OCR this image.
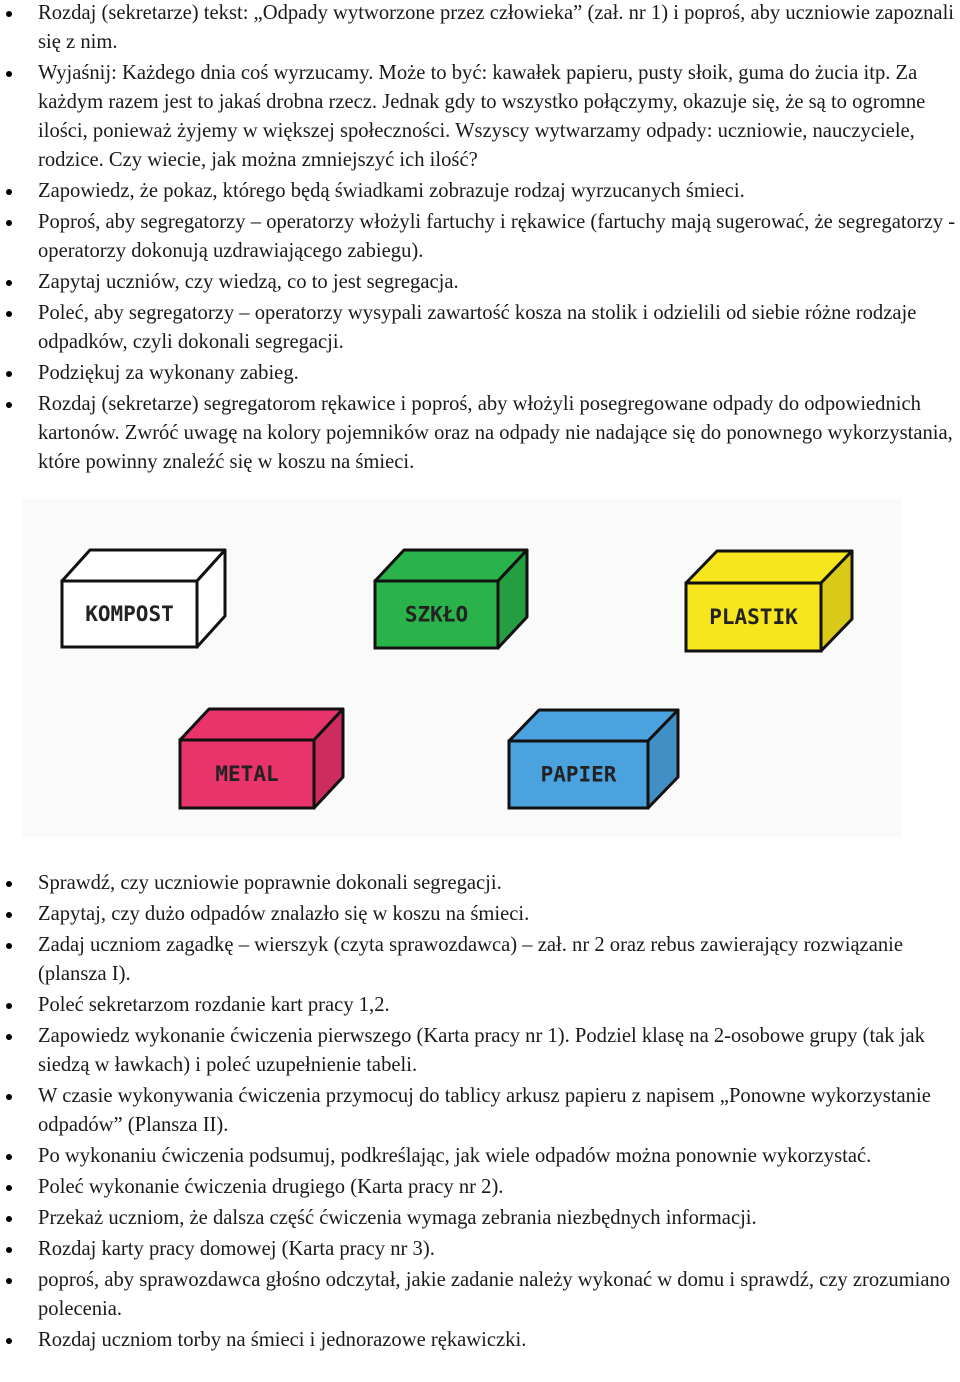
Rozdaj (sekretarze) tekst: „Odpady wytworzone przez człowieka” (zał. nr 1) i poproś, aby uczniowie zapoznali się z nim.
Wyjaśnij: Każdego dnia coś wyrzucamy. Może to być: kawałek papieru, pusty słoik, guma do żucia itp. Za każdym razem jest to jakaś drobna rzecz. Jednak gdy to wszystko połączymy, okazuje się, że są to ogromne ilości, ponieważ żyjemy w większej społeczności. Wszyscy wytwarzamy odpady: uczniowie, nauczyciele, rodzice. Czy wiecie, jak można zmniejszyć ich ilość?
Zapowiedz, że pokaz, którego będą świadkami zobrazuje rodzaj wyrzucanych śmieci.
Poproś, aby segregatorzy – operatorzy włożyli fartuchy i rękawice (fartuchy mają sugerować, że segregatorzy - operatorzy dokonują uzdrawiającego zabiegu).
Zapytaj uczniów, czy wiedzą, co to jest segregacja.
Poleć, aby segregatorzy – operatorzy wysypali zawartość kosza na stolik i odzielili od siebie różne rodzaje odpadków, czyli dokonali segregacji.
Podziękuj za wykonany zabieg.
Rozdaj (sekretarze) segregatorom rękawice i poproś, aby włożyli posegregowane odpady do odpowiednich kartonów. Zwróć uwagę na kolory pojemników oraz na odpady nie nadające się do ponownego wykorzystania, które powinny znaleźć się w koszu na śmieci.
KOMPOST	SZKŁO	PLASTIK
METAL	PAPIER
Sprawdź, czy uczniowie poprawnie dokonali segregacji.
Zapytaj, czy dużo odpadów znalazło się w koszu na śmieci.
Zadaj uczniom zagadkę – wierszyk (czyta sprawozdawca) – zał. nr 2 oraz rebus zawierający rozwiązanie (plansza I).
Poleć sekretarzom rozdanie kart pracy 1,2.
Zapowiedz wykonanie ćwiczenia pierwszego (Karta pracy nr 1). Podziel klasę na 2-osobowe grupy (tak jak siedzą w ławkach) i poleć uzupełnienie tabeli.
W czasie wykonywania ćwiczenia przymocuj do tablicy arkusz papieru z napisem „Ponowne wykorzystanie odpadów” (Plansza II).
Po wykonaniu ćwiczenia podsumuj, podkreślając, jak wiele odpadów można ponownie wykorzystać.
Poleć wykonanie ćwiczenia drugiego (Karta pracy nr 2).
Przekaż uczniom, że dalsza część ćwiczenia wymaga zebrania niezbędnych informacji.
Rozdaj karty pracy domowej (Karta pracy nr 3).
poproś, aby sprawozdawca głośno odczytał, jakie zadanie należy wykonać w domu i sprawdź, czy zrozumiano polecenia.
Rozdaj uczniom torby na śmieci i jednorazowe rękawiczki.
